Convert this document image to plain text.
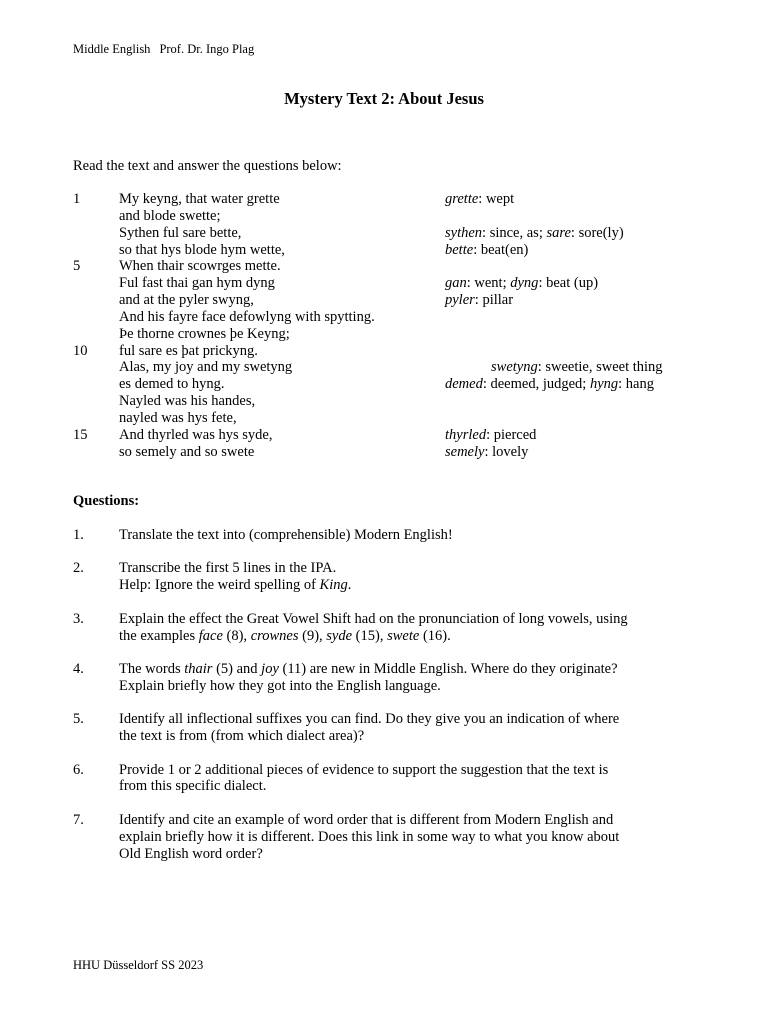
Middle English Prof. Dr. Ingo Plag
Mystery Text 2: About Jesus
Read the text and answer the questions below:
1	My keyng, that water grette	grette: wept
and blode swette;
Sythen ful sare bette,	sythen: since, as; sare: sore(ly)
so that hys blode hym wette,	bette: beat(en)
5	When thair scowrges mette.
Ful fast thai gan hym dyng	gan: went; dyng: beat (up)
and at the pyler swyng,	pyler: pillar
And his fayre face defowlyng with spytting.
Þe thorne crownes þe Keyng;
10 ful sare es þat prickyng.
Alas, my joy and my swetyng	swetyng: sweetie, sweet thing
es demed to hyng.	demed: deemed, judged; hyng: hang
Nayled was his handes,
nayled was hys fete,
15 And thyrled was hys syde,	thyrled: pierced
so semely and so swete	semely: lovely
Questions:
1. Translate the text into (comprehensible) Modern English!
2. Transcribe the first 5 lines in the IPA.
Help: Ignore the weird spelling of King.
3. Explain the effect the Great Vowel Shift had on the pronunciation of long vowels, using
the examples face (8), crownes (9), syde (15), swete (16).
4. The words thair (5) and joy (11) are new in Middle English. Where do they originate?
Explain briefly how they got into the English language.
5. Identify all inflectional suffixes you can find. Do they give you an indication of where
the text is from (from which dialect area)?
6. Provide 1 or 2 additional pieces of evidence to support the suggestion that the text is
from this specific dialect.
7. Identify and cite an example of word order that is different from Modern English and
explain briefly how it is different. Does this link in some way to what you know about
Old English word order?
HHU Düsseldorf SS 2023
